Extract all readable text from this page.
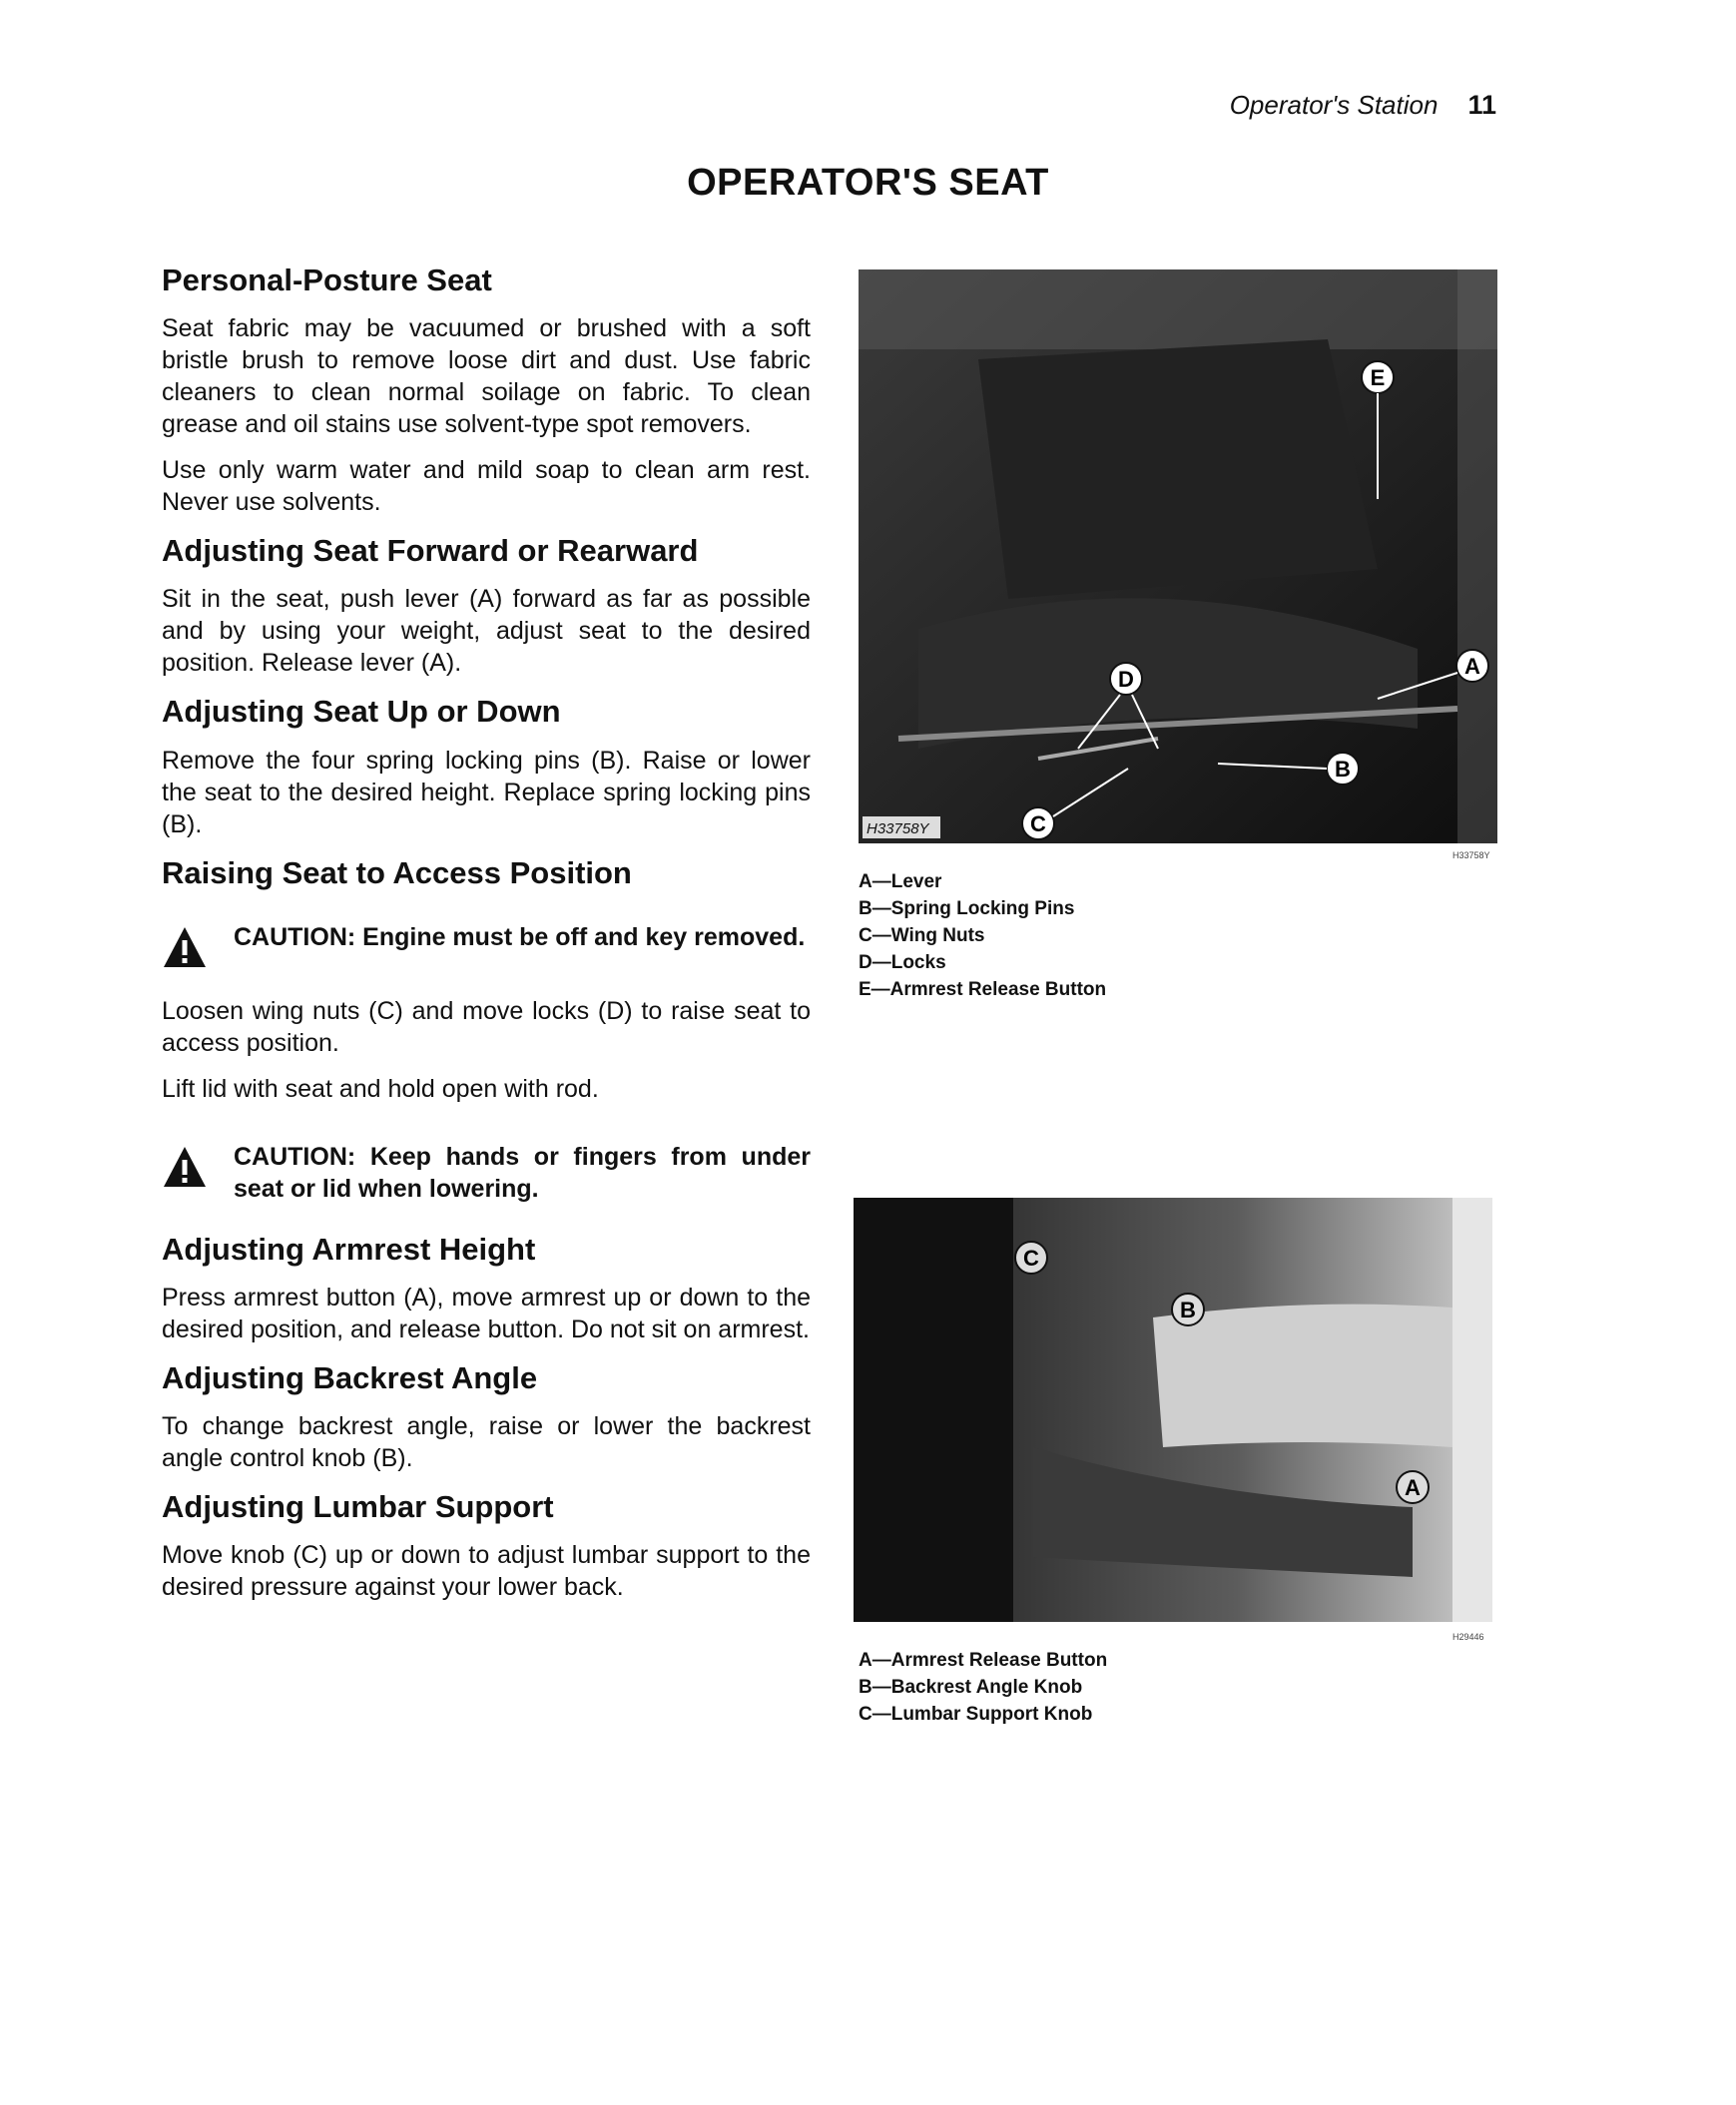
Operator's Station 11
OPERATOR'S SEAT
Personal-Posture Seat

Seat fabric may be vacuumed or brushed with a soft bristle brush to remove loose dirt and dust. Use fabric cleaners to clean normal soilage on fabric. To clean grease and oil stains use solvent-type spot removers.

Use only warm water and mild soap to clean arm rest. Never use solvents.

Adjusting Seat Forward or Rearward

Sit in the seat, push lever (A) forward as far as possible and by using your weight, adjust seat to the desired position. Release lever (A).

Adjusting Seat Up or Down

Remove the four spring locking pins (B). Raise or lower the seat to the desired height. Replace spring locking pins (B).

Raising Seat to Access Position
CAUTION: Engine must be off and key removed.

Loosen wing nuts (C) and move locks (D) to raise seat to access position.

Lift lid with seat and hold open with rod.

CAUTION: Keep hands or fingers from under seat or lid when lowering.
Adjusting Armrest Height

Press armrest button (A), move armrest up or down to the desired position, and release button. Do not sit on armrest.

Adjusting Backrest Angle

To change backrest angle, raise or lower the backrest angle control knob (B).

Adjusting Lumbar Support

Move knob (C) up or down to adjust lumbar support to the desired pressure against your lower back.

E
A
D
B
C
H33758Y
H33758Y
A—Lever
B—Spring Locking Pins
C—Wing Nuts
D—Locks
E—Armrest Release Button
C
B
A
H29446
A—Armrest Release Button
B—Backrest Angle Knob
C—Lumbar Support Knob
